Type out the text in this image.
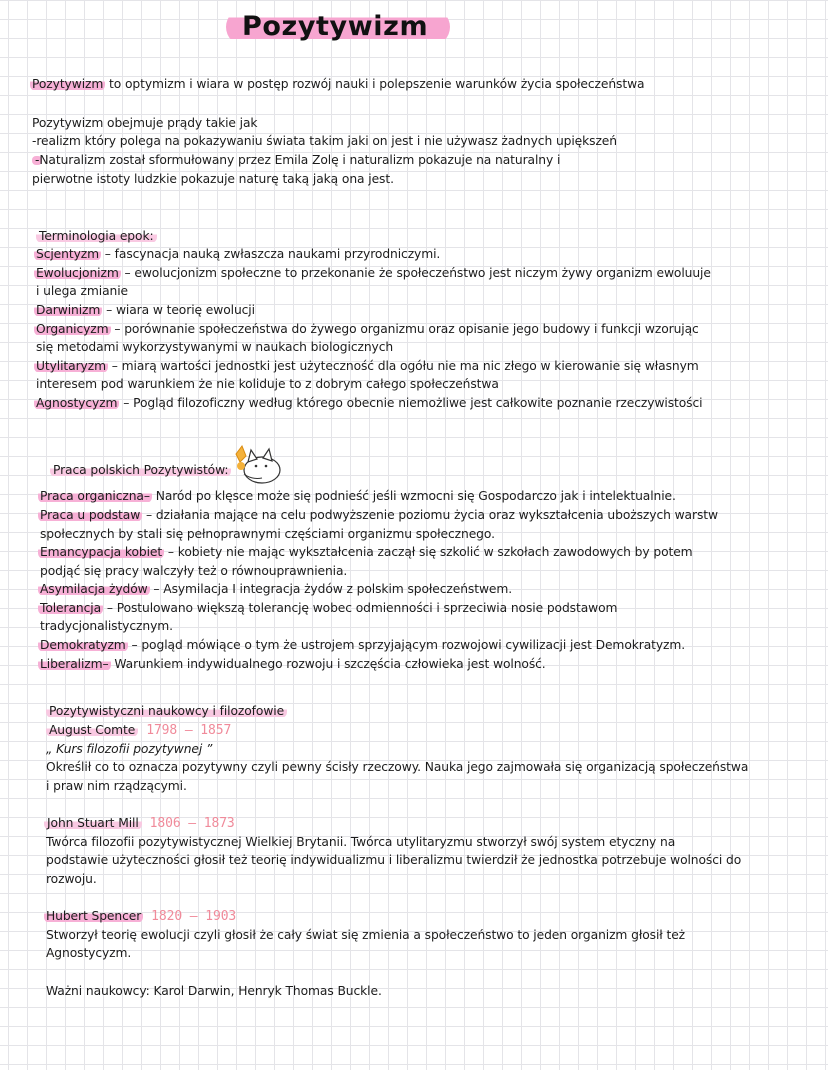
Pozytywizm
Pozytywizm to optymizm i wiara w postęp rozwój nauki i polepszenie warunków życia społeczeństwa
Pozytywizm obejmuje prądy takie jak
-realizm który polega na pokazywaniu świata takim jaki on jest i nie używasz żadnych upiększeń
-Naturalizm został sformułowany przez Emila Zolę i naturalizm pokazuje na naturalny i
pierwotne istoty ludzkie pokazuje naturę taką jaką ona jest.
Terminologia epok:
Scjentyzm – fascynacja nauką zwłaszcza naukami przyrodniczymi.
Ewolucjonizm – ewolucjonizm społeczne to przekonanie że społeczeństwo jest niczym żywy organizm ewoluuje
i ulega zmianie
Darwinizm – wiara w teorię ewolucji
Organicyzm – porównanie społeczeństwa do żywego organizmu oraz opisanie jego budowy i funkcji wzorując
się metodami wykorzystywanymi w naukach biologicznych
Utylitaryzm – miarą wartości jednostki jest użyteczność dla ogółu nie ma nic złego w kierowanie się własnym
interesem pod warunkiem że nie koliduje to z dobrym całego społeczeństwa
Agnostycyzm – Pogląd filozoficzny według którego obecnie niemożliwe jest całkowite poznanie rzeczywistości
Praca polskich Pozytywistów:
Praca organiczna– Naród po klęsce może się podnieść jeśli wzmocni się Gospodarczo jak i intelektualnie.
Praca u podstaw – działania mające na celu podwyższenie poziomu życia oraz wykształcenia uboższych warstw
społecznych by stali się pełnoprawnymi częściami organizmu społecznego.
Emancypacja kobiet – kobiety nie mając wykształcenia zaczął się szkolić w szkołach zawodowych by potem
podjąć się pracy walczyły też o równouprawnienia.
Asymilacja żydów – Asymilacja I integracja żydów z polskim społeczeństwem.
Tolerancja – Postulowano większą tolerancję wobec odmienności i sprzeciwia nosie podstawom
tradycjonalistycznym.
Demokratyzm – pogląd mówiące o tym że ustrojem sprzyjającym rozwojowi cywilizacji jest Demokratyzm.
Liberalizm– Warunkiem indywidualnego rozwoju i szczęścia człowieka jest wolność.
Pozytywistyczni naukowcy i filozofowie
August Comte 1798 – 1857
„ Kurs filozofii pozytywnej ”
Określił co to oznacza pozytywny czyli pewny ścisły rzeczowy. Nauka jego zajmowała się organizacją społeczeństwa
i praw nim rządzącymi.
John Stuart Mill 1806 – 1873
Twórca filozofii pozytywistycznej Wielkiej Brytanii. Twórca utylitaryzmu stworzył swój system etyczny na
podstawie użyteczności głosił też teorię indywidualizmu i liberalizmu twierdził że jednostka potrzebuje wolności do
rozwoju.
Hubert Spencer 1820 – 1903
Stworzył teorię ewolucji czyli głosił że cały świat się zmienia a społeczeństwo to jeden organizm głosił też
Agnostycyzm.
Ważni naukowcy: Karol Darwin, Henryk Thomas Buckle.
